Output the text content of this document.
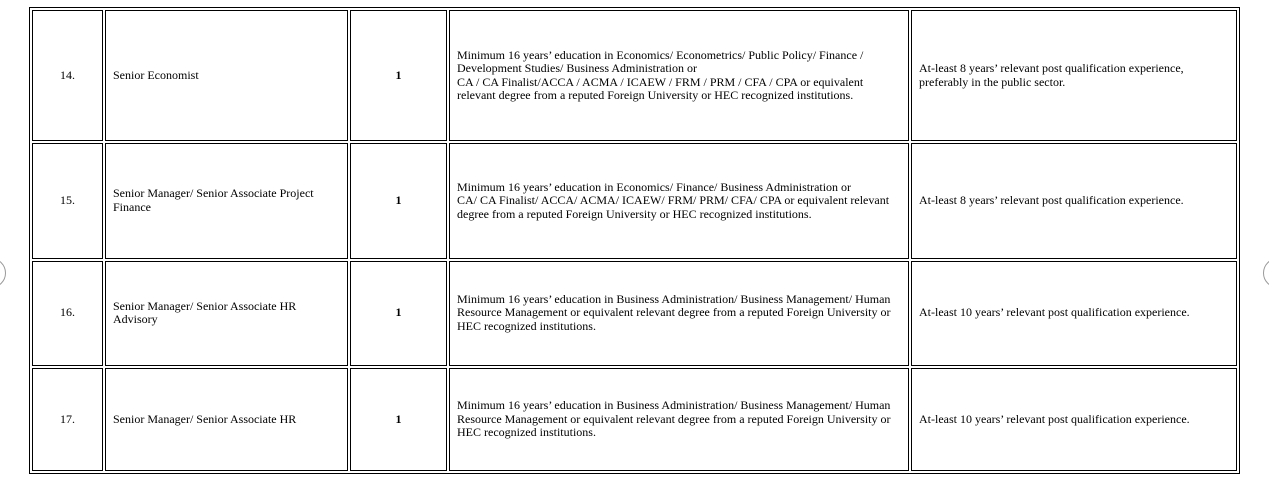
14.	Senior Economist	1	Minimum 16 years’ education in Economics/ Econometrics/ Public Policy/ Finance / Development Studies/ Business Administration or
CA / CA Finalist/ACCA / ACMA / ICAEW / FRM / PRM / CFA / CPA or equivalent relevant degree from a reputed Foreign University or HEC recognized institutions.	At-least 8 years’ relevant post qualification experience, preferably in the public sector.
15.	Senior Manager/ Senior Associate Project Finance	1	Minimum 16 years’ education in Economics/ Finance/ Business Administration or
CA/ CA Finalist/ ACCA/ ACMA/ ICAEW/ FRM/ PRM/ CFA/ CPA or equivalent relevant degree from a reputed Foreign University or HEC recognized institutions.	At-least 8 years’ relevant post qualification experience.
16.	Senior Manager/ Senior Associate HR Advisory	1	Minimum 16 years’ education in Business Administration/ Business Management/ Human Resource Management or equivalent relevant degree from a reputed Foreign University or HEC recognized institutions.	At-least 10 years’ relevant post qualification experience.
17.	Senior Manager/ Senior Associate HR	1	Minimum 16 years’ education in Business Administration/ Business Management/ Human Resource Management or equivalent relevant degree from a reputed Foreign University or HEC recognized institutions.	At-least 10 years’ relevant post qualification experience.
